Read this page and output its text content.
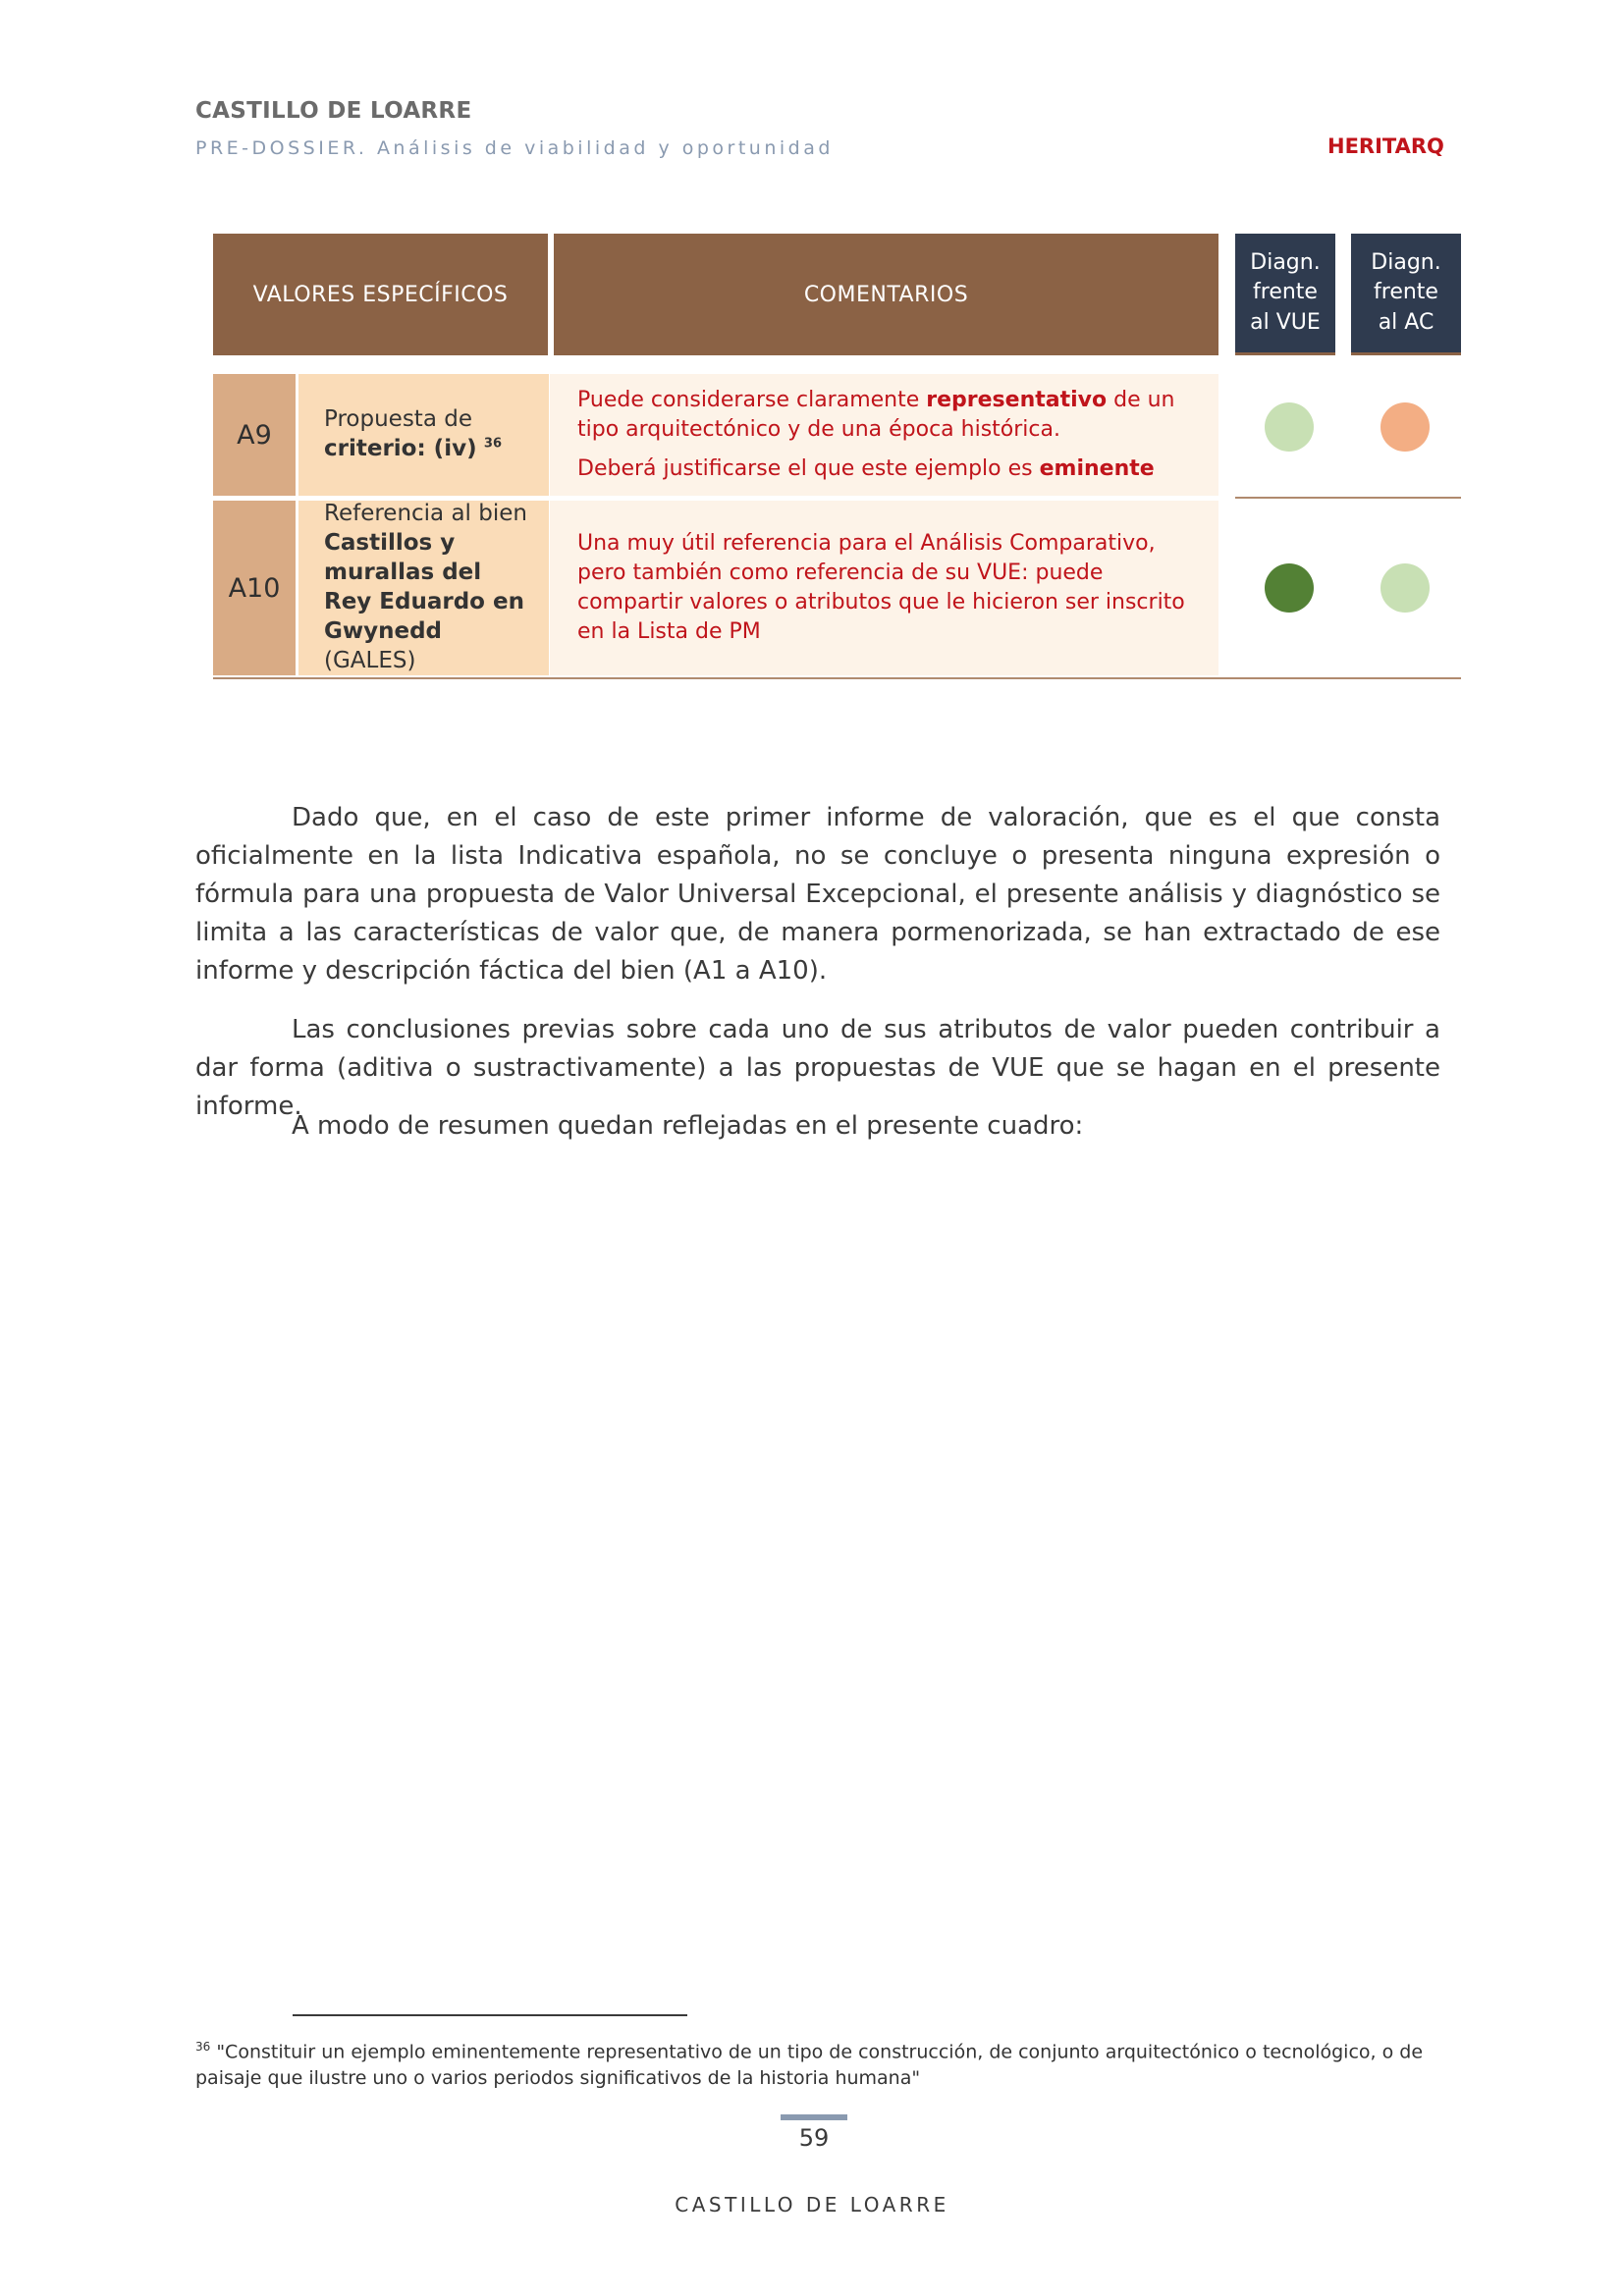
CASTILLO DE LOARRE
PRE-DOSSIER. Análisis de viabilidad y oportunidad	HERITARQ
VALORES ESPECÍFICOS	COMENTARIOS
Diagn.
frente
al VUE
Diagn.
frente
al AC
A9
Propuesta de
criterio: (iv) $^{36}$

Puede considerarse claramente representativo de un tipo arquitectónico y de una época histórica.

Deberá justificarse el que este ejemplo es eminente

A10
Referencia al bien
Castillos y murallas del Rey Eduardo en Gwynedd (GALES)

Una muy útil referencia para el Análisis Comparativo, pero también como referencia de su VUE: puede compartir valores o atributos que le hicieron ser inscrito en la Lista de PM

Dado que, en el caso de este primer informe de valoración, que es el que consta oficialmente en la lista Indicativa española, no se concluye o presenta ninguna expresión o fórmula para una propuesta de Valor Universal Excepcional, el presente análisis y diagnóstico se limita a las características de valor que, de manera pormenorizada, se han extractado de ese informe y descripción fáctica del bien (A1 a A10).

Las conclusiones previas sobre cada uno de sus atributos de valor pueden contribuir a dar forma (aditiva o sustractivamente) a las propuestas de VUE que se hagan en el presente informe.

A modo de resumen quedan reflejadas en el presente cuadro:

$^{36}$ "Constituir un ejemplo eminentemente representativo de un tipo de construcción, de conjunto arquitectónico o tecnológico, o de paisaje que ilustre uno o varios periodos significativos de la historia humana"

59
CASTILLO DE LOARRE
